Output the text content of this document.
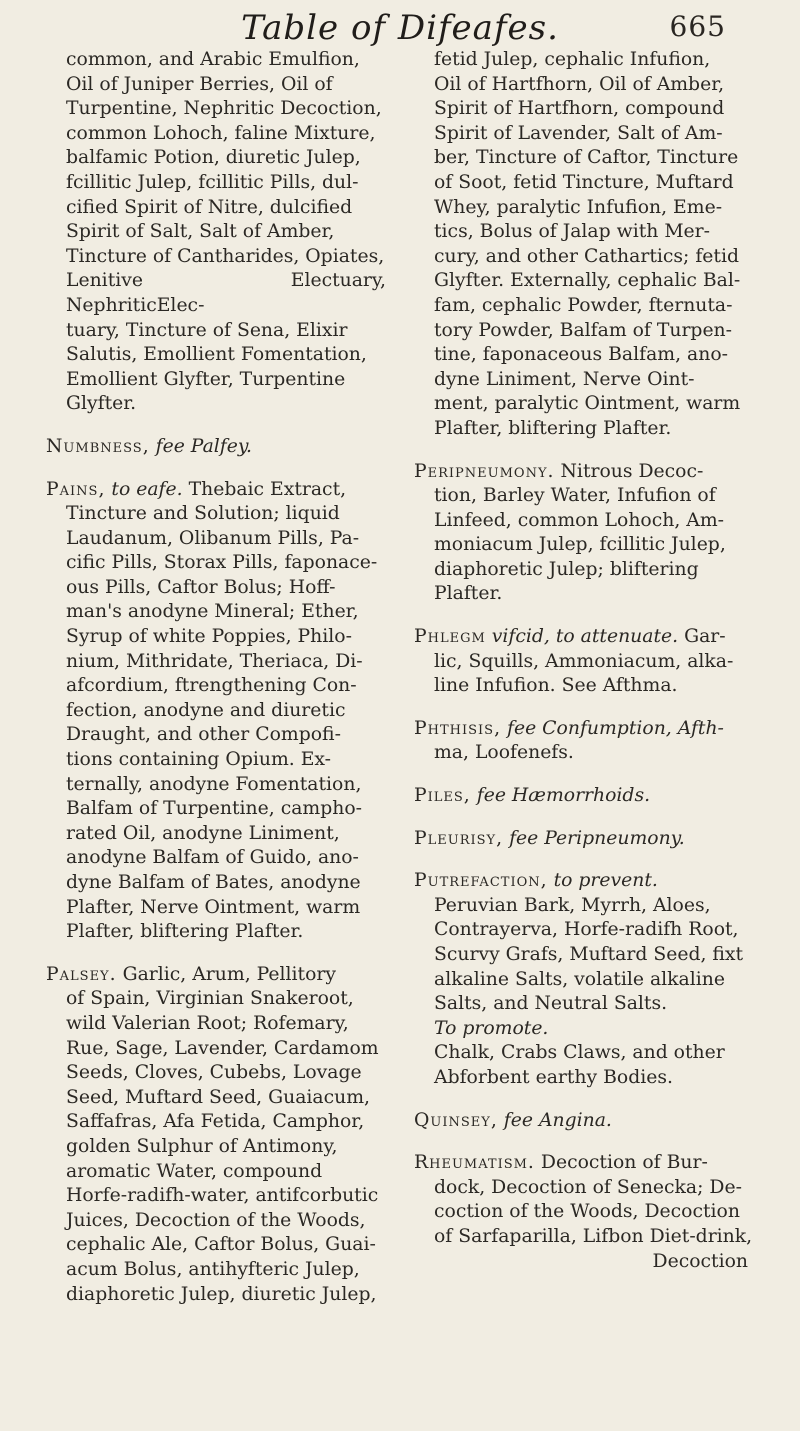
Table of Difeafes.	665
common, and Arabic Emulfion,
Oil of Juniper Berries, Oil of
Turpentine, Nephritic Decoction,
common Lohoch, faline Mixture,
balfamic Potion, diuretic Julep,
fcillitic Julep, fcillitic Pills, dul-
cified Spirit of Nitre, dulcified
Spirit of Salt, Salt of Amber,
Tincture of Cantharides, Opiates,
Lenitive Electuary, NephriticElec-
tuary, Tincture of Sena, Elixir
Salutis, Emollient Fomentation,
Emollient Glyfter, Turpentine
Glyfter.
Numbness, fee Palfey.
Pains, to eafe. Thebaic Extract,
Tincture and Solution; liquid
Laudanum, Olibanum Pills, Pa-
cific Pills, Storax Pills, faponace-
ous Pills, Caftor Bolus; Hoff-
man's anodyne Mineral; Ether,
Syrup of white Poppies, Philo-
nium, Mithridate, Theriaca, Di-
afcordium, ftrengthening Con-
fection, anodyne and diuretic
Draught, and other Compofi-
tions containing Opium. Ex-
ternally, anodyne Fomentation,
Balfam of Turpentine, campho-
rated Oil, anodyne Liniment,
anodyne Balfam of Guido, ano-
dyne Balfam of Bates, anodyne
Plafter, Nerve Ointment, warm
Plafter, bliftering Plafter.
Palsey. Garlic, Arum, Pellitory
of Spain, Virginian Snakeroot,
wild Valerian Root; Rofemary,
Rue, Sage, Lavender, Cardamom
Seeds, Cloves, Cubebs, Lovage
Seed, Muftard Seed, Guaiacum,
Saffafras, Afa Fetida, Camphor,
golden Sulphur of Antimony,
aromatic Water, compound
Horfe-radifh-water, antifcorbutic
Juices, Decoction of the Woods,
cephalic Ale, Caftor Bolus, Guai-
acum Bolus, antihyfteric Julep,
diaphoretic Julep, diuretic Julep,
fetid Julep, cephalic Infufion,
Oil of Hartfhorn, Oil of Amber,
Spirit of Hartfhorn, compound
Spirit of Lavender, Salt of Am-
ber, Tincture of Caftor, Tincture
of Soot, fetid Tincture, Muftard
Whey, paralytic Infufion, Eme-
tics, Bolus of Jalap with Mer-
cury, and other Cathartics; fetid
Glyfter. Externally, cephalic Bal-
fam, cephalic Powder, fternuta-
tory Powder, Balfam of Turpen-
tine, faponaceous Balfam, ano-
dyne Liniment, Nerve Oint-
ment, paralytic Ointment, warm
Plafter, bliftering Plafter.
Peripneumony. Nitrous Decoc-
tion, Barley Water, Infufion of
Linfeed, common Lohoch, Am-
moniacum Julep, fcillitic Julep,
diaphoretic Julep; bliftering
Plafter.
Phlegm vifcid, to attenuate. Gar-
lic, Squills, Ammoniacum, alka-
line Infufion. See Afthma.
Phthisis, fee Confumption, Afth-
ma, Loofenefs.
Piles, fee Hæmorrhoids.
Pleurisy, fee Peripneumony.
Putrefaction, to prevent.
Peruvian Bark, Myrrh, Aloes,
Contrayerva, Horfe-radifh Root,
Scurvy Grafs, Muftard Seed, fixt
alkaline Salts, volatile alkaline
Salts, and Neutral Salts.
To promote.
Chalk, Crabs Claws, and other
Abforbent earthy Bodies.
Quinsey, fee Angina.
Rheumatism. Decoction of Bur-
dock, Decoction of Senecka; De-
coction of the Woods, Decoction
of Sarfaparilla, Lifbon Diet-drink,
Decoction
